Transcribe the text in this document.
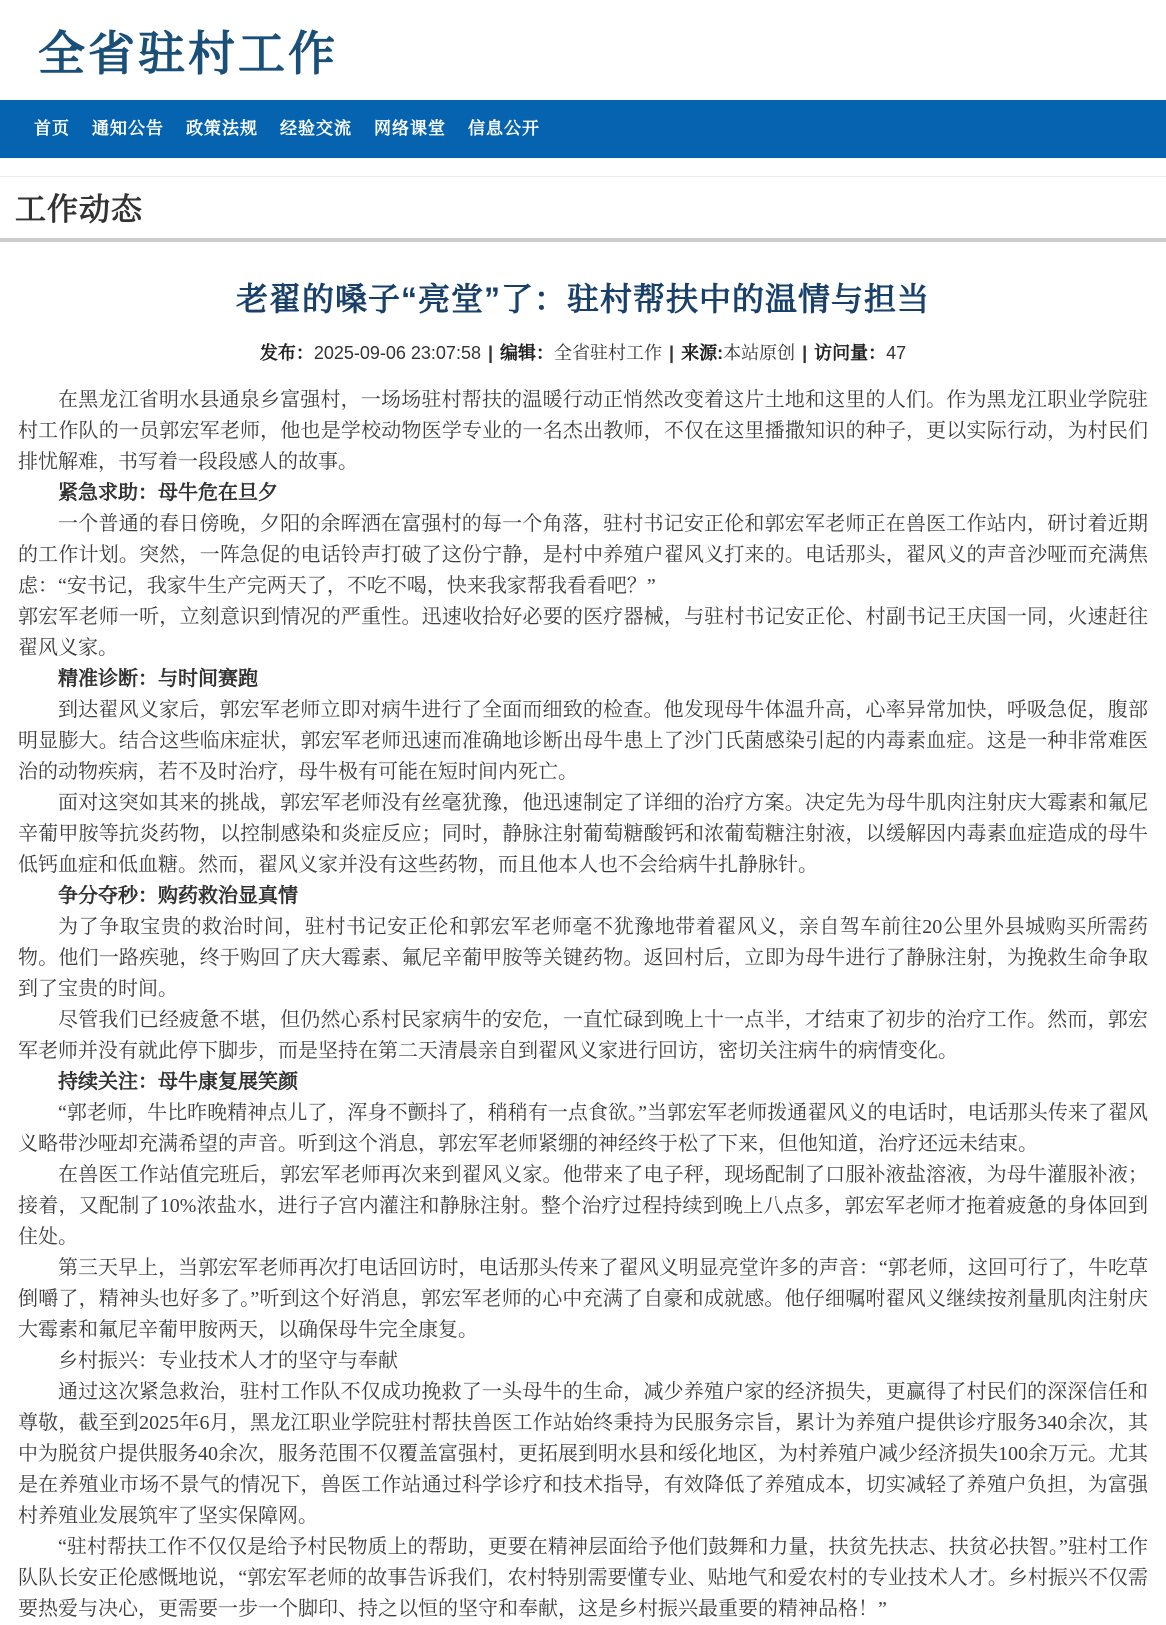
全省驻村工作
首页	通知公告	政策法规	经验交流	网络课堂	信息公开
工作动态
老翟的嗓子“亮堂”了：驻村帮扶中的温情与担当
发布：2025-09-06 23:07:58 | 编辑：全省驻村工作 | 来源:本站原创 | 访问量：47

在黑龙江省明水县通泉乡富强村，一场场驻村帮扶的温暖行动正悄然改变着这片土地和这里的人们。作为黑龙江职业学院驻村工作队的一员郭宏军老师，他也是学校动物医学专业的一名杰出教师，不仅在这里播撒知识的种子，更以实际行动，为村民们排忧解难，书写着一段段感人的故事。

紧急求助：母牛危在旦夕

一个普通的春日傍晚，夕阳的余晖洒在富强村的每一个角落，驻村书记安正伦和郭宏军老师正在兽医工作站内，研讨着近期的工作计划。突然，一阵急促的电话铃声打破了这份宁静，是村中养殖户翟风义打来的。电话那头，翟风义的声音沙哑而充满焦虑：“安书记，我家牛生产完两天了，不吃不喝，快来我家帮我看看吧？”

郭宏军老师一听，立刻意识到情况的严重性。迅速收拾好必要的医疗器械，与驻村书记安正伦、村副书记王庆国一同，火速赶往翟风义家。

精准诊断：与时间赛跑

到达翟风义家后，郭宏军老师立即对病牛进行了全面而细致的检查。他发现母牛体温升高，心率异常加快，呼吸急促，腹部明显膨大。结合这些临床症状，郭宏军老师迅速而准确地诊断出母牛患上了沙门氏菌感染引起的内毒素血症。这是一种非常难医治的动物疾病，若不及时治疗，母牛极有可能在短时间内死亡。

面对这突如其来的挑战，郭宏军老师没有丝毫犹豫，他迅速制定了详细的治疗方案。决定先为母牛肌肉注射庆大霉素和氟尼辛葡甲胺等抗炎药物，以控制感染和炎症反应；同时，静脉注射葡萄糖酸钙和浓葡萄糖注射液，以缓解因内毒素血症造成的母牛低钙血症和低血糖。然而，翟风义家并没有这些药物，而且他本人也不会给病牛扎静脉针。

争分夺秒：购药救治显真情

为了争取宝贵的救治时间，驻村书记安正伦和郭宏军老师毫不犹豫地带着翟风义，亲自驾车前往20公里外县城购买所需药物。他们一路疾驰，终于购回了庆大霉素、氟尼辛葡甲胺等关键药物。返回村后，立即为母牛进行了静脉注射，为挽救生命争取到了宝贵的时间。

尽管我们已经疲惫不堪，但仍然心系村民家病牛的安危，一直忙碌到晚上十一点半，才结束了初步的治疗工作。然而，郭宏军老师并没有就此停下脚步，而是坚持在第二天清晨亲自到翟风义家进行回访，密切关注病牛的病情变化。

持续关注：母牛康复展笑颜

“郭老师，牛比昨晚精神点儿了，浑身不颤抖了，稍稍有一点食欲。”当郭宏军老师拨通翟风义的电话时，电话那头传来了翟风义略带沙哑却充满希望的声音。听到这个消息，郭宏军老师紧绷的神经终于松了下来，但他知道，治疗还远未结束。

在兽医工作站值完班后，郭宏军老师再次来到翟风义家。他带来了电子秤，现场配制了口服补液盐溶液，为母牛灌服补液；接着，又配制了10%浓盐水，进行子宫内灌注和静脉注射。整个治疗过程持续到晚上八点多，郭宏军老师才拖着疲惫的身体回到住处。

第三天早上，当郭宏军老师再次打电话回访时，电话那头传来了翟风义明显亮堂许多的声音：“郭老师，这回可行了，牛吃草倒嚼了，精神头也好多了。”听到这个好消息，郭宏军老师的心中充满了自豪和成就感。他仔细嘱咐翟风义继续按剂量肌肉注射庆大霉素和氟尼辛葡甲胺两天，以确保母牛完全康复。

乡村振兴：专业技术人才的坚守与奉献

通过这次紧急救治，驻村工作队不仅成功挽救了一头母牛的生命，减少养殖户家的经济损失，更赢得了村民们的深深信任和尊敬，截至到2025年6月，黑龙江职业学院驻村帮扶兽医工作站始终秉持为民服务宗旨，累计为养殖户提供诊疗服务340余次，其中为脱贫户提供服务40余次，服务范围不仅覆盖富强村，更拓展到明水县和绥化地区，为村养殖户减少经济损失100余万元。尤其是在养殖业市场不景气的情况下，兽医工作站通过科学诊疗和技术指导，有效降低了养殖成本，切实减轻了养殖户负担，为富强村养殖业发展筑牢了坚实保障网。

“驻村帮扶工作不仅仅是给予村民物质上的帮助，更要在精神层面给予他们鼓舞和力量，扶贫先扶志、扶贫必扶智。”驻村工作队队长安正伦感慨地说，“郭宏军老师的故事告诉我们，农村特别需要懂专业、贴地气和爱农村的专业技术人才。乡村振兴不仅需要热爱与决心，更需要一步一个脚印、持之以恒的坚守和奉献，这是乡村振兴最重要的精神品格！”
